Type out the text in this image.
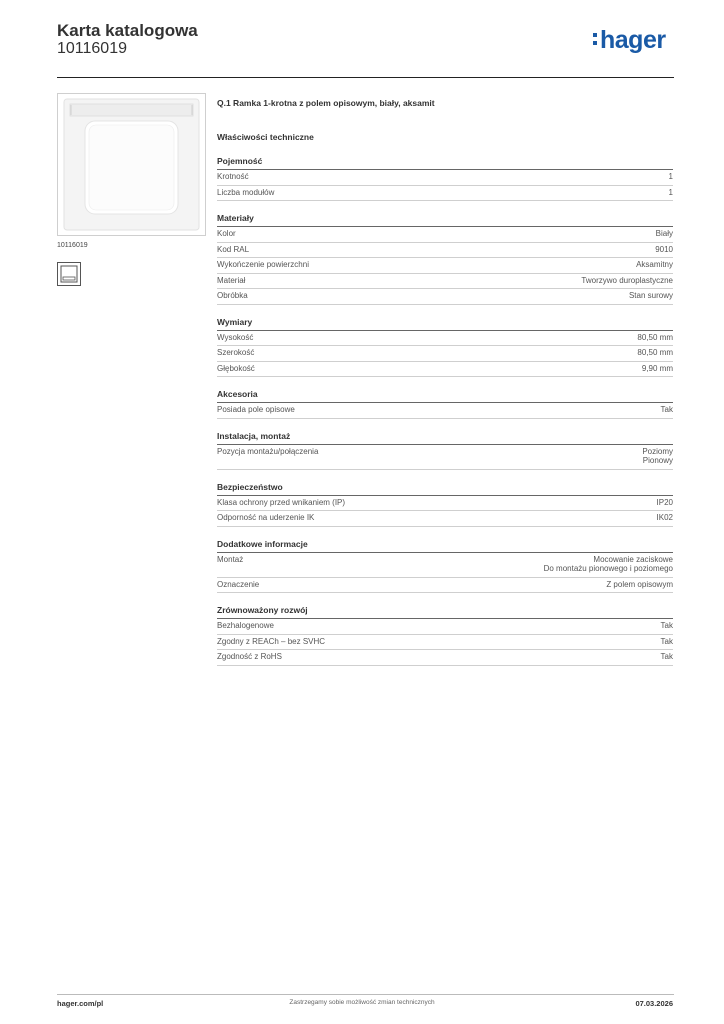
Karta katalogowa
10116019	hager
10116019
Q.1 Ramka 1-krotna z polem opisowym, biały, aksamit
Właściwości techniczne
Pojemność
Krotność	1
Liczba modułów	1
Materiały
Kolor	Biały
Kod RAL	9010
Wykończenie powierzchni	Aksamitny
Materiał	Tworzywo duroplastyczne
Obróbka	Stan surowy
Wymiary
Wysokość	80,50 mm
Szerokość	80,50 mm
Głębokość	9,90 mm
Akcesoria
Posiada pole opisowe	Tak
Instalacja, montaż
Pozycja montażu/połączenia	Poziomy
Pionowy
Bezpieczeństwo
Klasa ochrony przed wnikaniem (IP)	IP20
Odporność na uderzenie IK	IK02
Dodatkowe informacje
Montaż	Mocowanie zaciskowe
Do montażu pionowego i poziomego
Oznaczenie	Z polem opisowym
Zrównoważony rozwój
Bezhalogenowe	Tak
Zgodny z REACh – bez SVHC	Tak
Zgodność z RoHS	Tak
hager.com/pl	Zastrzegamy sobie możliwość zmian technicznych	07.03.2026
